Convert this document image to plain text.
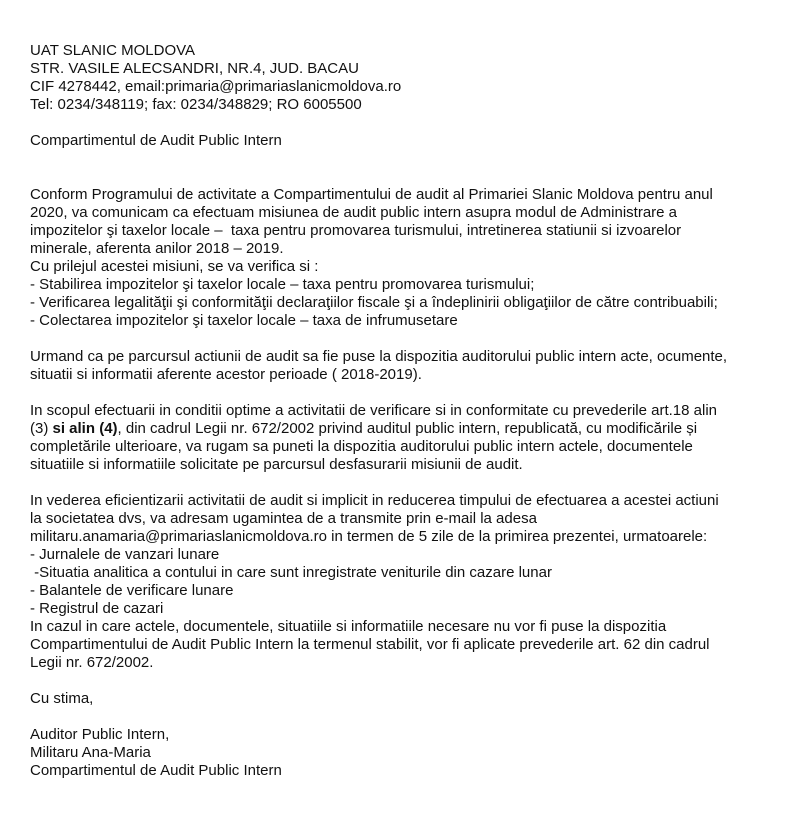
UAT SLANIC MOLDOVA
STR. VASILE ALECSANDRI, NR.4, JUD. BACAU
CIF 4278442, email:primaria@primariaslanicmoldova.ro
Tel: 0234/348119; fax: 0234/348829; RO 6005500
Compartimentul de Audit Public Intern
Conform Programului de activitate a Compartimentului de audit al Primariei Slanic Moldova pentru anul
2020, va comunicam ca efectuam misiunea de audit public intern asupra modul de Administrare a
impozitelor şi taxelor locale –  taxa pentru promovarea turismului, intretinerea statiunii si izvoarelor
minerale, aferenta anilor 2018 – 2019.
Cu prilejul acestei misiuni, se va verifica si :
- Stabilirea impozitelor şi taxelor locale – taxa pentru promovarea turismului;
- Verificarea legalităţii şi conformităţii declaraţiilor fiscale şi a îndeplinirii obligaţiilor de către contribuabili;
- Colectarea impozitelor şi taxelor locale – taxa de infrumusetare
Urmand ca pe parcursul actiunii de audit sa fie puse la dispozitia auditorului public intern acte, ocumente,
situatii si informatii aferente acestor perioade ( 2018-2019).
In scopul efectuarii in conditii optime a activitatii de verificare si in conformitate cu prevederile art.18 alin
(3) si alin (4), din cadrul Legii nr. 672/2002 privind auditul public intern, republicată, cu modificările și
completările ulterioare, va rugam sa puneti la dispozitia auditorului public intern actele, documentele
situatiile si informatiile solicitate pe parcursul desfasurarii misiunii de audit.
In vederea eficientizarii activitatii de audit si implicit in reducerea timpului de efectuarea a acestei actiuni
la societatea dvs, va adresam ugamintea de a transmite prin e-mail la adesa
militaru.anamaria@primariaslanicmoldova.ro in termen de 5 zile de la primirea prezentei, urmatoarele:
- Jurnalele de vanzari lunare
-Situatia analitica a contului in care sunt inregistrate veniturile din cazare lunar
- Balantele de verificare lunare
- Registrul de cazari
In cazul in care actele, documentele, situatiile si informatiile necesare nu vor fi puse la dispozitia
Compartimentului de Audit Public Intern la termenul stabilit, vor fi aplicate prevederile art. 62 din cadrul
Legii nr. 672/2002.
Cu stima,
Auditor Public Intern,
Militaru Ana-Maria
Compartimentul de Audit Public Intern
